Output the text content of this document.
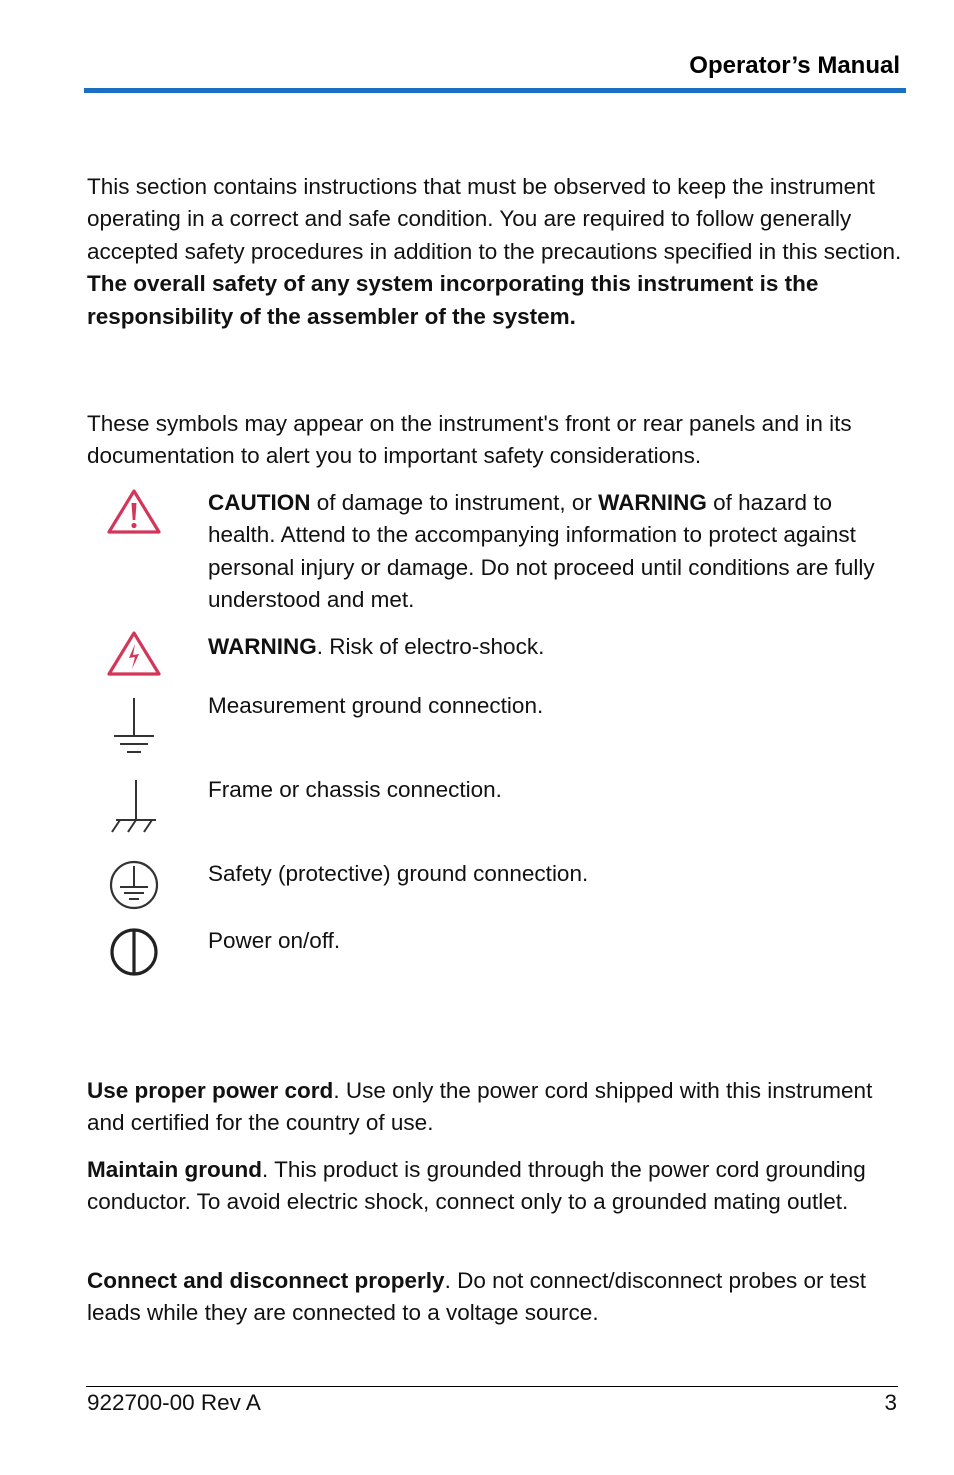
Operator’s Manual

This section contains instructions that must be observed to keep the instrument operating in a correct and safe condition. You are required to follow generally accepted safety procedures in addition to the precautions specified in this section. The overall safety of any system incorporating this instrument is the responsibility of the assembler of the system.

These symbols may appear on the instrument's front or rear panels and in its documentation to alert you to important safety considerations.

CAUTION of damage to instrument, or WARNING of hazard to health. Attend to the accompanying information to protect against personal injury or damage. Do not proceed until conditions are fully understood and met.

WARNING. Risk of electro-shock.

Measurement ground connection.

Frame or chassis connection.

Safety (protective) ground connection.

Power on/off.

Use proper power cord. Use only the power cord shipped with this instrument and certified for the country of use.

Maintain ground. This product is grounded through the power cord grounding conductor. To avoid electric shock, connect only to a grounded mating outlet.

Connect and disconnect properly. Do not connect/disconnect probes or test leads while they are connected to a voltage source.

922700-00 Rev A	3
